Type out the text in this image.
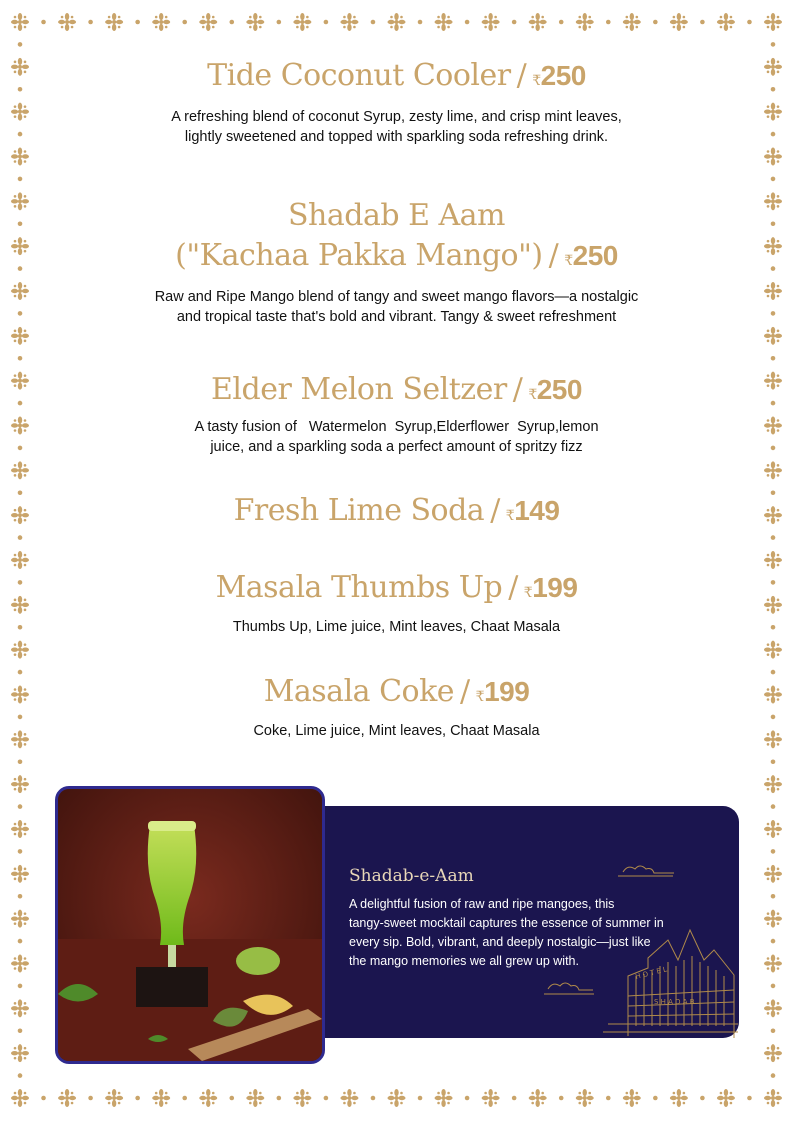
Tide Coconut Cooler / ₹250
A refreshing blend of coconut Syrup, zesty lime, and crisp mint leaves,
lightly sweetened and topped with sparkling soda refreshing drink.
Shadab E Aam
("Kachaa Pakka Mango") / ₹250
Raw and Ripe Mango blend of tangy and sweet mango flavors—a nostalgic
and tropical taste that's bold and vibrant. Tangy & sweet refreshment
Elder Melon Seltzer / ₹250
A tasty fusion of   Watermelon  Syrup,Elderflower  Syrup,lemon
juice, and a sparkling soda a perfect amount of spritzy fizz
Fresh Lime Soda / ₹149
Masala Thumbs Up / ₹199
Thumbs Up, Lime juice, Mint leaves, Chaat Masala
Masala Coke / ₹199
Coke, Lime juice, Mint leaves, Chaat Masala
H O T E L
S H A D A B
Shadab-e-Aam
A delightful fusion of raw and ripe mangoes, this
tangy-sweet mocktail captures the essence of summer in
every sip. Bold, vibrant, and deeply nostalgic—just like
the mango memories we all grew up with.
